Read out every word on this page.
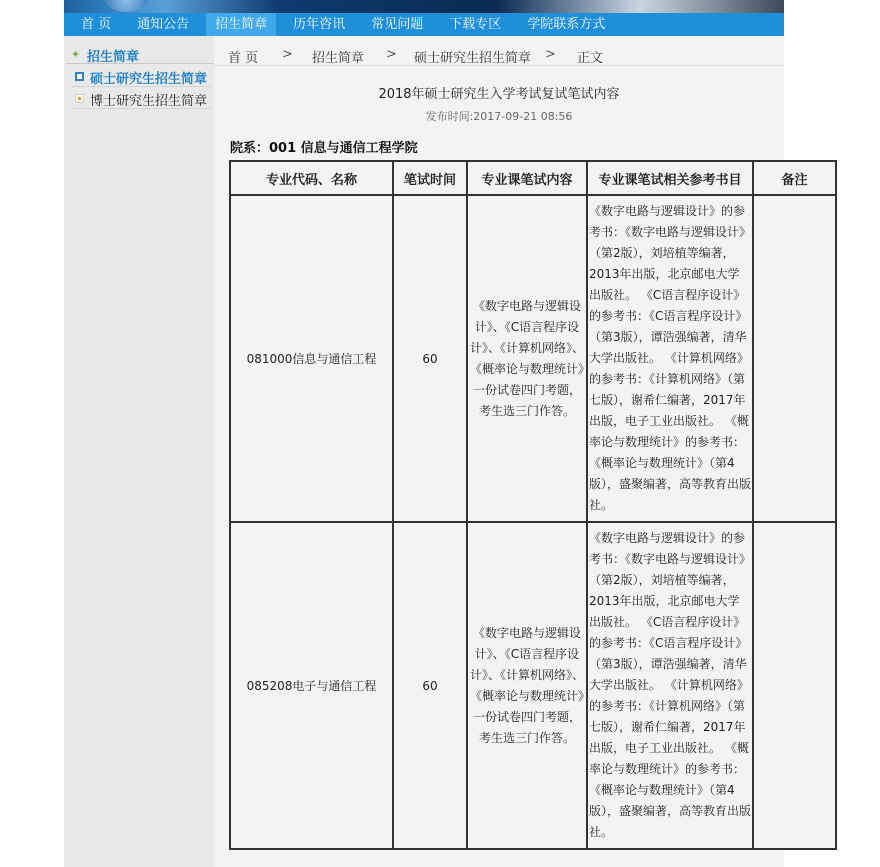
首 页	通知公告	招生简章	历年咨讯	常见问题	下载专区	学院联系方式
✦ 招生简章
硕士研究生招生简章
博士研究生招生简章
首 页 > 招生简章 > 硕士研究生招生简章 > 正文
2018年硕士研究生入学考试复试笔试内容
发布时间:2017-09-21 08:56
院系：001 信息与通信工程学院
专业代码、名称	笔试时间	专业课笔试内容	专业课笔试相关参考书目	备注
081000信息与通信工程	60	《数字电路与逻辑设计》、《C语言程序设计》、《计算机网络》、《概率论与数理统计》一份试卷四门考题，考生选三门作答。	《数字电路与逻辑设计》的参考书：《数字电路与逻辑设计》（第2版），刘培植等编著，2013年出版，北京邮电大学出版社。 《C语言程序设计》的参考书：《C语言程序设计》（第3版），谭浩强编著，清华大学出版社。 《计算机网络》的参考书：《计算机网络》（第七版），谢希仁编著，2017年出版，电子工业出版社。 《概率论与数理统计》的参考书：《概率论与数理统计》（第4版），盛聚编著，高等教育出版社。	
085208电子与通信工程	60	《数字电路与逻辑设计》、《C语言程序设计》、《计算机网络》、《概率论与数理统计》一份试卷四门考题，考生选三门作答。	《数字电路与逻辑设计》的参考书：《数字电路与逻辑设计》（第2版），刘培植等编著，2013年出版，北京邮电大学出版社。 《C语言程序设计》的参考书：《C语言程序设计》（第3版），谭浩强编著，清华大学出版社。 《计算机网络》的参考书：《计算机网络》（第七版），谢希仁编著，2017年出版，电子工业出版社。 《概率论与数理统计》的参考书：《概率论与数理统计》（第4版），盛聚编著，高等教育出版社。	
